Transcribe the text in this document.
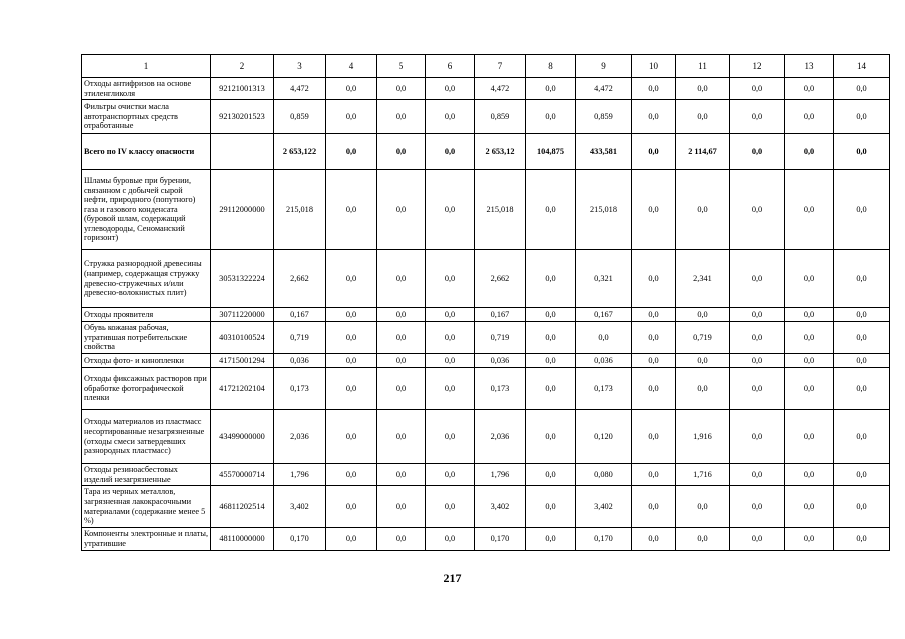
1	2	3	4	5	6	7	8	9	10	11	12	13	14
Отходы антифризов на основе этиленгликоля	92121001313	4,472	0,0	0,0	0,0	4,472	0,0	4,472	0,0	0,0	0,0	0,0	0,0
Фильтры очистки масла автотранспортных средств отработанные	92130201523	0,859	0,0	0,0	0,0	0,859	0,0	0,859	0,0	0,0	0,0	0,0	0,0
Всего по IV классу опасности		2 653,122	0,0	0,0	0,0	2 653,12	104,875	433,581	0,0	2 114,67	0,0	0,0	0,0
Шламы буровые при бурении, связанном с добычей сырой нефти, природного (попутного) газа и газового конденсата (буровой шлам, содержащий углеводороды, Сеноманский горизонт)	29112000000	215,018	0,0	0,0	0,0	215,018	0,0	215,018	0,0	0,0	0,0	0,0	0,0
Стружка разнородной древесины (например, содержащая стружку древесно-стружечных и/или древесно-волокнистых плит)	30531322224	2,662	0,0	0,0	0,0	2,662	0,0	0,321	0,0	2,341	0,0	0,0	0,0
Отходы проявителя	30711220000	0,167	0,0	0,0	0,0	0,167	0,0	0,167	0,0	0,0	0,0	0,0	0,0
Обувь кожаная рабочая, утратившая потребительские свойства	40310100524	0,719	0,0	0,0	0,0	0,719	0,0	0,0	0,0	0,719	0,0	0,0	0,0
Отходы фото- и кинопленки	41715001294	0,036	0,0	0,0	0,0	0,036	0,0	0,036	0,0	0,0	0,0	0,0	0,0
Отходы фиксажных растворов при обработке фотографической пленки	41721202104	0,173	0,0	0,0	0,0	0,173	0,0	0,173	0,0	0,0	0,0	0,0	0,0
Отходы материалов из пластмасс несортированные незагрязненные (отходы смеси затвердевших разнородных пластмасс)	43499000000	2,036	0,0	0,0	0,0	2,036	0,0	0,120	0,0	1,916	0,0	0,0	0,0
Отходы резиноасбестовых изделий незагрязненные	45570000714	1,796	0,0	0,0	0,0	1,796	0,0	0,080	0,0	1,716	0,0	0,0	0,0
Тара из черных металлов, загрязненная лакокрасочными материалами (содержание менее 5 %)	46811202514	3,402	0,0	0,0	0,0	3,402	0,0	3,402	0,0	0,0	0,0	0,0	0,0
Компоненты электронные и платы, утратившие	48110000000	0,170	0,0	0,0	0,0	0,170	0,0	0,170	0,0	0,0	0,0	0,0	0,0
217
